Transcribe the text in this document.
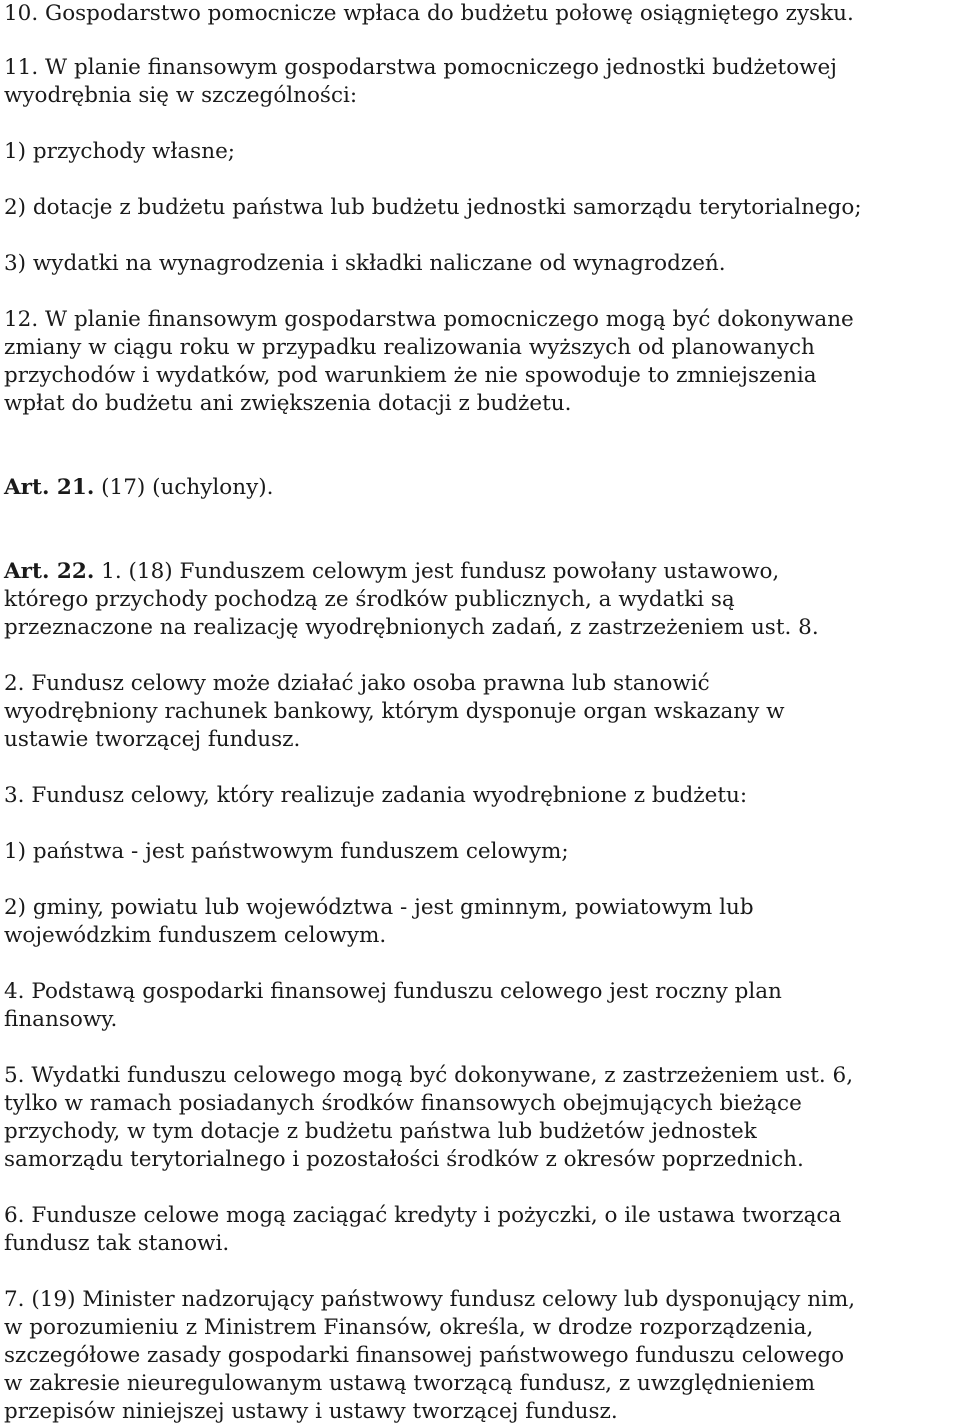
10. Gospodarstwo pomocnicze wpłaca do budżetu połowę osiągniętego zysku.
11. W planie finansowym gospodarstwa pomocniczego jednostki budżetowej
wyodrębnia się w szczególności:
1) przychody własne;
2) dotacje z budżetu państwa lub budżetu jednostki samorządu terytorialnego;
3) wydatki na wynagrodzenia i składki naliczane od wynagrodzeń.
12. W planie finansowym gospodarstwa pomocniczego mogą być dokonywane
zmiany w ciągu roku w przypadku realizowania wyższych od planowanych
przychodów i wydatków, pod warunkiem że nie spowoduje to zmniejszenia
wpłat do budżetu ani zwiększenia dotacji z budżetu.
Art. 21. (17) (uchylony).
Art. 22. 1. (18) Funduszem celowym jest fundusz powołany ustawowo,
którego przychody pochodzą ze środków publicznych, a wydatki są
przeznaczone na realizację wyodrębnionych zadań, z zastrzeżeniem ust. 8.
2. Fundusz celowy może działać jako osoba prawna lub stanowić
wyodrębniony rachunek bankowy, którym dysponuje organ wskazany w
ustawie tworzącej fundusz.
3. Fundusz celowy, który realizuje zadania wyodrębnione z budżetu:
1) państwa - jest państwowym funduszem celowym;
2) gminy, powiatu lub województwa - jest gminnym, powiatowym lub
wojewódzkim funduszem celowym.
4. Podstawą gospodarki finansowej funduszu celowego jest roczny plan
finansowy.
5. Wydatki funduszu celowego mogą być dokonywane, z zastrzeżeniem ust. 6,
tylko w ramach posiadanych środków finansowych obejmujących bieżące
przychody, w tym dotacje z budżetu państwa lub budżetów jednostek
samorządu terytorialnego i pozostałości środków z okresów poprzednich.
6. Fundusze celowe mogą zaciągać kredyty i pożyczki, o ile ustawa tworząca
fundusz tak stanowi.
7. (19) Minister nadzorujący państwowy fundusz celowy lub dysponujący nim,
w porozumieniu z Ministrem Finansów, określa, w drodze rozporządzenia,
szczegółowe zasady gospodarki finansowej państwowego funduszu celowego
w zakresie nieuregulowanym ustawą tworzącą fundusz, z uwzględnieniem
przepisów niniejszej ustawy i ustawy tworzącej fundusz.
